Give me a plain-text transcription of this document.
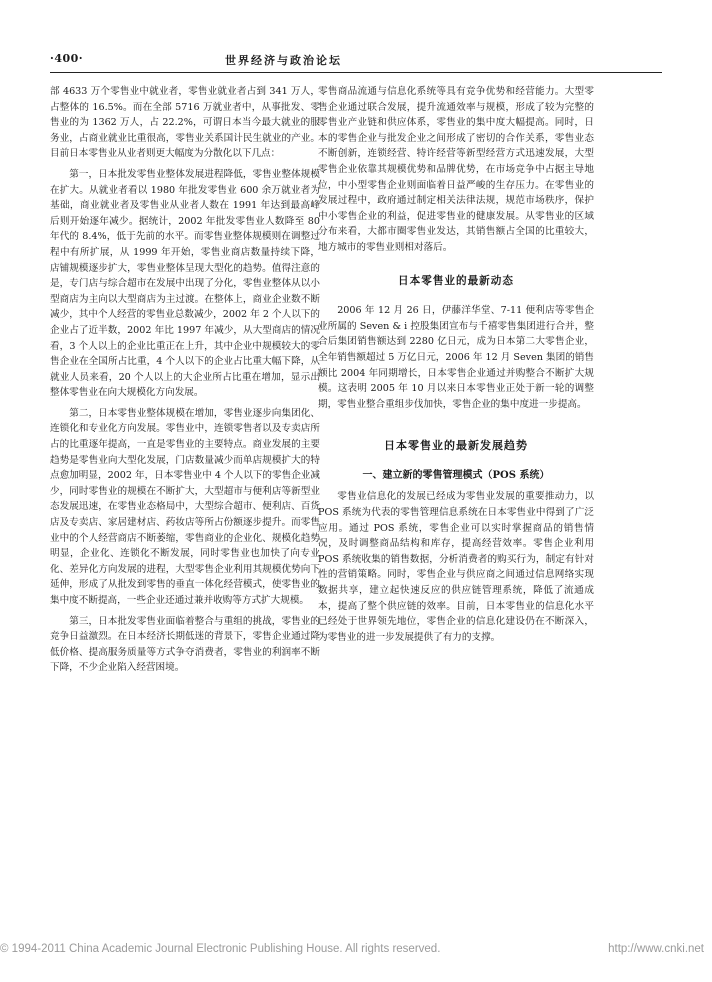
·400·	世界经济与政治论坛

部 4633 万个零售业中就业者，零售业就业者占到 341 万人，占整体的 16.5%。而在全部 5716 万就业者中，从事批发、零售业的为 1362 万人，占 22.2%，可谓日本当今最大就业的服务业，占商业就业比重很高，零售业关系国计民生就业的产业。目前日本零售业从业者则更大幅度为分散化以下几点：

第一，日本批发零售业整体发展进程降低，零售业整体规模在扩大。从就业者看以 1980 年批发零售业 600 余万就业者为基础，商业就业者及零售业从业者人数在 1991 年达到最高峰后则开始逐年减少。据统计，2002 年批发零售业人数降至 80 年代的 8.4%，低于先前的水平。而零售业整体规模则在调整过程中有所扩展，从 1999 年开始，零售业商店数量持续下降，店铺规模逐步扩大，零售业整体呈现大型化的趋势。值得注意的是，专门店与综合超市在发展中出现了分化，零售业整体从以小型商店为主向以大型商店为主过渡。在整体上，商业企业数不断减少，其中个人经营的零售业总数减少，2002 年 2 个人以下的企业占了近半数，2002 年比 1997 年减少，从大型商店的情况看，3 个人以上的企业比重正在上升，其中企业中规模较大的零售企业在全国所占比重，4 个人以下的企业占比重大幅下降，从就业人员来看，20 个人以上的大企业所占比重在增加，显示出整体零售业在向大规模化方向发展。

第二，日本零售业整体规模在增加，零售业逐步向集团化、连锁化和专业化方向发展。零售业中，连锁零售者以及专卖店所占的比重逐年提高，一直是零售业的主要特点。商业发展的主要趋势是零售业向大型化发展，门店数量减少而单店规模扩大的特点愈加明显，2002 年，日本零售业中 4 个人以下的零售企业减少，同时零售业的规模在不断扩大，大型超市与便利店等新型业态发展迅速，在零售业态格局中，大型综合超市、便利店、百货店及专卖店、家居建材店、药妆店等所占份额逐步提升。而零售业中的个人经营商店不断萎缩，零售商业的企业化、规模化趋势明显，企业化、连锁化不断发展，同时零售业也加快了向专业化、差异化方向发展的进程，大型零售企业利用其规模优势向下延伸，形成了从批发到零售的垂直一体化经营模式，使零售业的集中度不断提高，一些企业还通过兼并收购等方式扩大规模。

第三，日本批发零售业面临着整合与重组的挑战，零售业的竞争日益激烈。在日本经济长期低迷的背景下，零售企业通过降低价格、提高服务质量等方式争夺消费者，零售业的利润率不断下降，不少企业陷入经营困境。

零售商品流通与信息化系统等具有竞争优势和经营能力。大型零售企业通过联合发展，提升流通效率与规模，形成了较为完整的零售业产业链和供应体系，零售业的集中度大幅提高。同时，日本的零售企业与批发企业之间形成了密切的合作关系，零售业态不断创新，连锁经营、特许经营等新型经营方式迅速发展，大型零售企业依靠其规模优势和品牌优势，在市场竞争中占据主导地位，中小型零售企业则面临着日益严峻的生存压力。在零售业的发展过程中，政府通过制定相关法律法规，规范市场秩序，保护中小零售企业的利益，促进零售业的健康发展。从零售业的区域分布来看，大都市圈零售业发达，其销售额占全国的比重较大，地方城市的零售业则相对落后。

日本零售业的最新动态

2006 年 12 月 26 日，伊藤洋华堂、7-11 便利店等零售企业所属的 Seven & i 控股集团宣布与千禧零售集团进行合并，整合后集团销售额达到 2280 亿日元，成为日本第二大零售企业，全年销售额超过 5 万亿日元，2006 年 12 月 Seven 集团的销售额比 2004 年同期增长，日本零售企业通过并购整合不断扩大规模。这表明 2005 年 10 月以来日本零售业正处于新一轮的调整期，零售业整合重组步伐加快，零售企业的集中度进一步提高。

日本零售业的最新发展趋势
一、建立新的零售管理模式（POS 系统）

零售业信息化的发展已经成为零售业发展的重要推动力，以 POS 系统为代表的零售管理信息系统在日本零售业中得到了广泛应用。通过 POS 系统，零售企业可以实时掌握商品的销售情况，及时调整商品结构和库存，提高经营效率。零售企业利用 POS 系统收集的销售数据，分析消费者的购买行为，制定有针对性的营销策略。同时，零售企业与供应商之间通过信息网络实现数据共享，建立起快速反应的供应链管理系统，降低了流通成本，提高了整个供应链的效率。目前，日本零售业的信息化水平已经处于世界领先地位，零售企业的信息化建设仍在不断深入，为零售业的进一步发展提供了有力的支撑。

© 1994-2011 China Academic Journal Electronic Publishing House. All rights reserved.	http://www.cnki.net
